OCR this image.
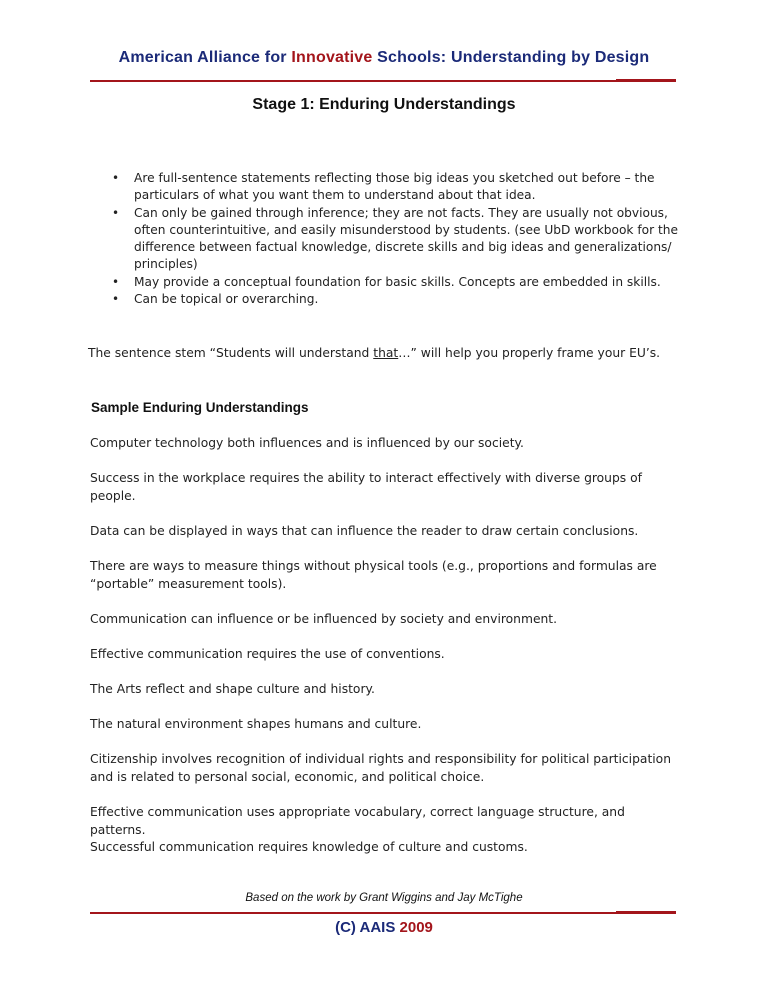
American Alliance for Innovative Schools: Understanding by Design
Stage 1: Enduring Understandings
• Are full-sentence statements reflecting those big ideas you sketched out before – the particulars of what you want them to understand about that idea.
• Can only be gained through inference; they are not facts. They are usually not obvious, often counterintuitive, and easily misunderstood by students. (see UbD workbook for the difference between factual knowledge, discrete skills and big ideas and generalizations/ principles)
• May provide a conceptual foundation for basic skills. Concepts are embedded in skills.
• Can be topical or overarching.
The sentence stem “Students will understand that…” will help you properly frame your EU’s.
Sample Enduring Understandings

Computer technology both influences and is influenced by our society.

Success in the workplace requires the ability to interact effectively with diverse groups of people.

Data can be displayed in ways that can influence the reader to draw certain conclusions.

There are ways to measure things without physical tools (e.g., proportions and formulas are “portable” measurement tools).

Communication can influence or be influenced by society and environment.

Effective communication requires the use of conventions.

The Arts reflect and shape culture and history.

The natural environment shapes humans and culture.

Citizenship involves recognition of individual rights and responsibility for political participation and is related to personal social, economic, and political choice.

Effective communication uses appropriate vocabulary, correct language structure, and patterns.

Successful communication requires knowledge of culture and customs.

Based on the work by Grant Wiggins and Jay McTighe
(C) AAIS 2009
